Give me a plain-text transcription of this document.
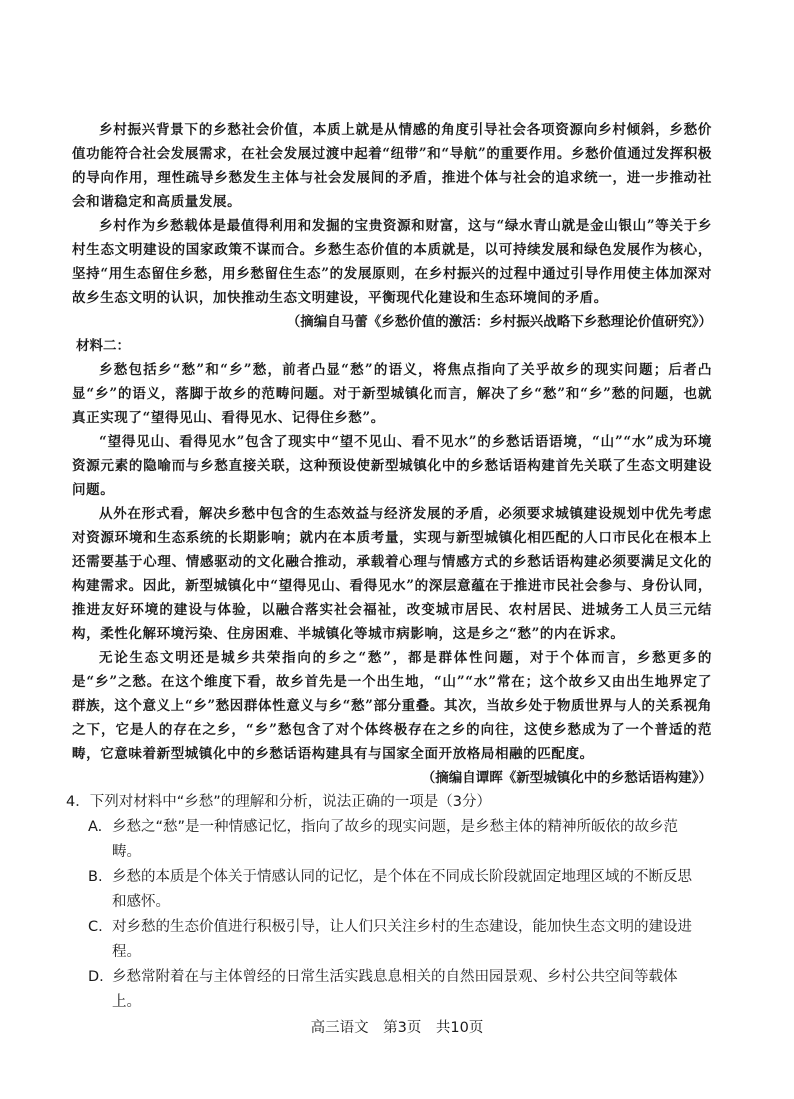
乡村振兴背景下的乡愁社会价值，本质上就是从情感的角度引导社会各项资源向乡村倾斜，乡愁价值功能符合社会发展需求，在社会发展过渡中起着“纽带”和“导航”的重要作用。乡愁价值通过发挥积极的导向作用，理性疏导乡愁发生主体与社会发展间的矛盾，推进个体与社会的追求统一，进一步推动社会和谐稳定和高质量发展。

乡村作为乡愁载体是最值得利用和发掘的宝贵资源和财富，这与“绿水青山就是金山银山”等关于乡村生态文明建设的国家政策不谋而合。乡愁生态价值的本质就是，以可持续发展和绿色发展作为核心，坚持“用生态留住乡愁，用乡愁留住生态”的发展原则，在乡村振兴的过程中通过引导作用使主体加深对故乡生态文明的认识，加快推动生态文明建设，平衡现代化建设和生态环境间的矛盾。

（摘编自马蕾《乡愁价值的激活：乡村振兴战略下乡愁理论价值研究》）

材料二：

乡愁包括乡“愁”和“乡”愁，前者凸显“愁”的语义，将焦点指向了关乎故乡的现实问题；后者凸显“乡”的语义，落脚于故乡的范畴问题。对于新型城镇化而言，解决了乡“愁”和“乡”愁的问题，也就真正实现了“望得见山、看得见水、记得住乡愁”。

“望得见山、看得见水”包含了现实中“望不见山、看不见水”的乡愁话语语境，“山”“水”成为环境资源元素的隐喻而与乡愁直接关联，这种预设使新型城镇化中的乡愁话语构建首先关联了生态文明建设问题。

从外在形式看，解决乡愁中包含的生态效益与经济发展的矛盾，必须要求城镇建设规划中优先考虑对资源环境和生态系统的长期影响；就内在本质考量，实现与新型城镇化相匹配的人口市民化在根本上还需要基于心理、情感驱动的文化融合推动，承载着心理与情感方式的乡愁话语构建必须要满足文化的构建需求。因此，新型城镇化中“望得见山、看得见水”的深层意蕴在于推进市民社会参与、身份认同，推进友好环境的建设与体验，以融合落实社会福祉，改变城市居民、农村居民、进城务工人员三元结构，柔性化解环境污染、住房困难、半城镇化等城市病影响，这是乡之“愁”的内在诉求。

无论生态文明还是城乡共荣指向的乡之“愁”，都是群体性问题，对于个体而言，乡愁更多的是“乡”之愁。在这个维度下看，故乡首先是一个出生地，“山”“水”常在；这个故乡又由出生地界定了群族，这个意义上“乡”愁因群体性意义与乡“愁”部分重叠。其次，当故乡处于物质世界与人的关系视角之下，它是人的存在之乡，“乡”愁包含了对个体终极存在之乡的向往，这使乡愁成为了一个普适的范畴，它意味着新型城镇化中的乡愁话语构建具有与国家全面开放格局相融的匹配度。

（摘编自谭晖《新型城镇化中的乡愁话语构建》）

4．下列对材料中“乡愁”的理解和分析，说法正确的一项是（3分）

A. 乡愁之“愁”是一种情感记忆，指向了故乡的现实问题，是乡愁主体的精神所皈依的故乡范畴。
B. 乡愁的本质是个体关于情感认同的记忆，是个体在不同成长阶段就固定地理区域的不断反思和感怀。
C. 对乡愁的生态价值进行积极引导，让人们只关注乡村的生态建设，能加快生态文明的建设进程。
D. 乡愁常附着在与主体曾经的日常生活实践息息相关的自然田园景观、乡村公共空间等载体上。
高三语文　第3页　共10页
